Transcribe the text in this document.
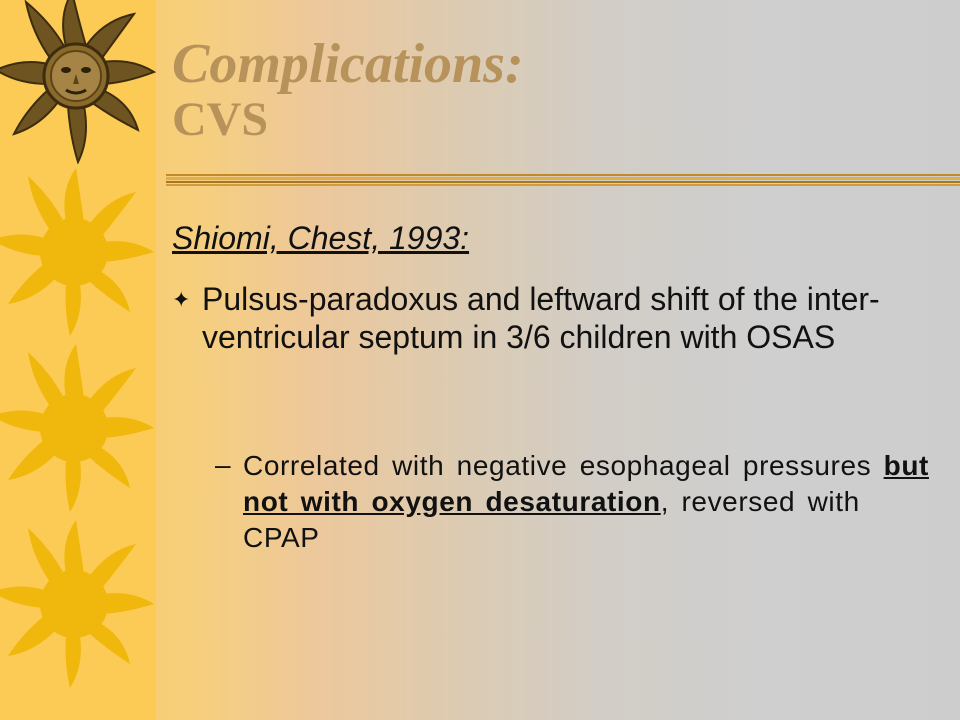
Complications:
CVS

Shiomi, Chest, 1993:

✦ Pulsus-paradoxus and leftward shift of the inter-ventricular septum in 3/6 children with OSAS
– Correlated with negative esophageal pressures but not with oxygen desaturation, reversed with CPAP
